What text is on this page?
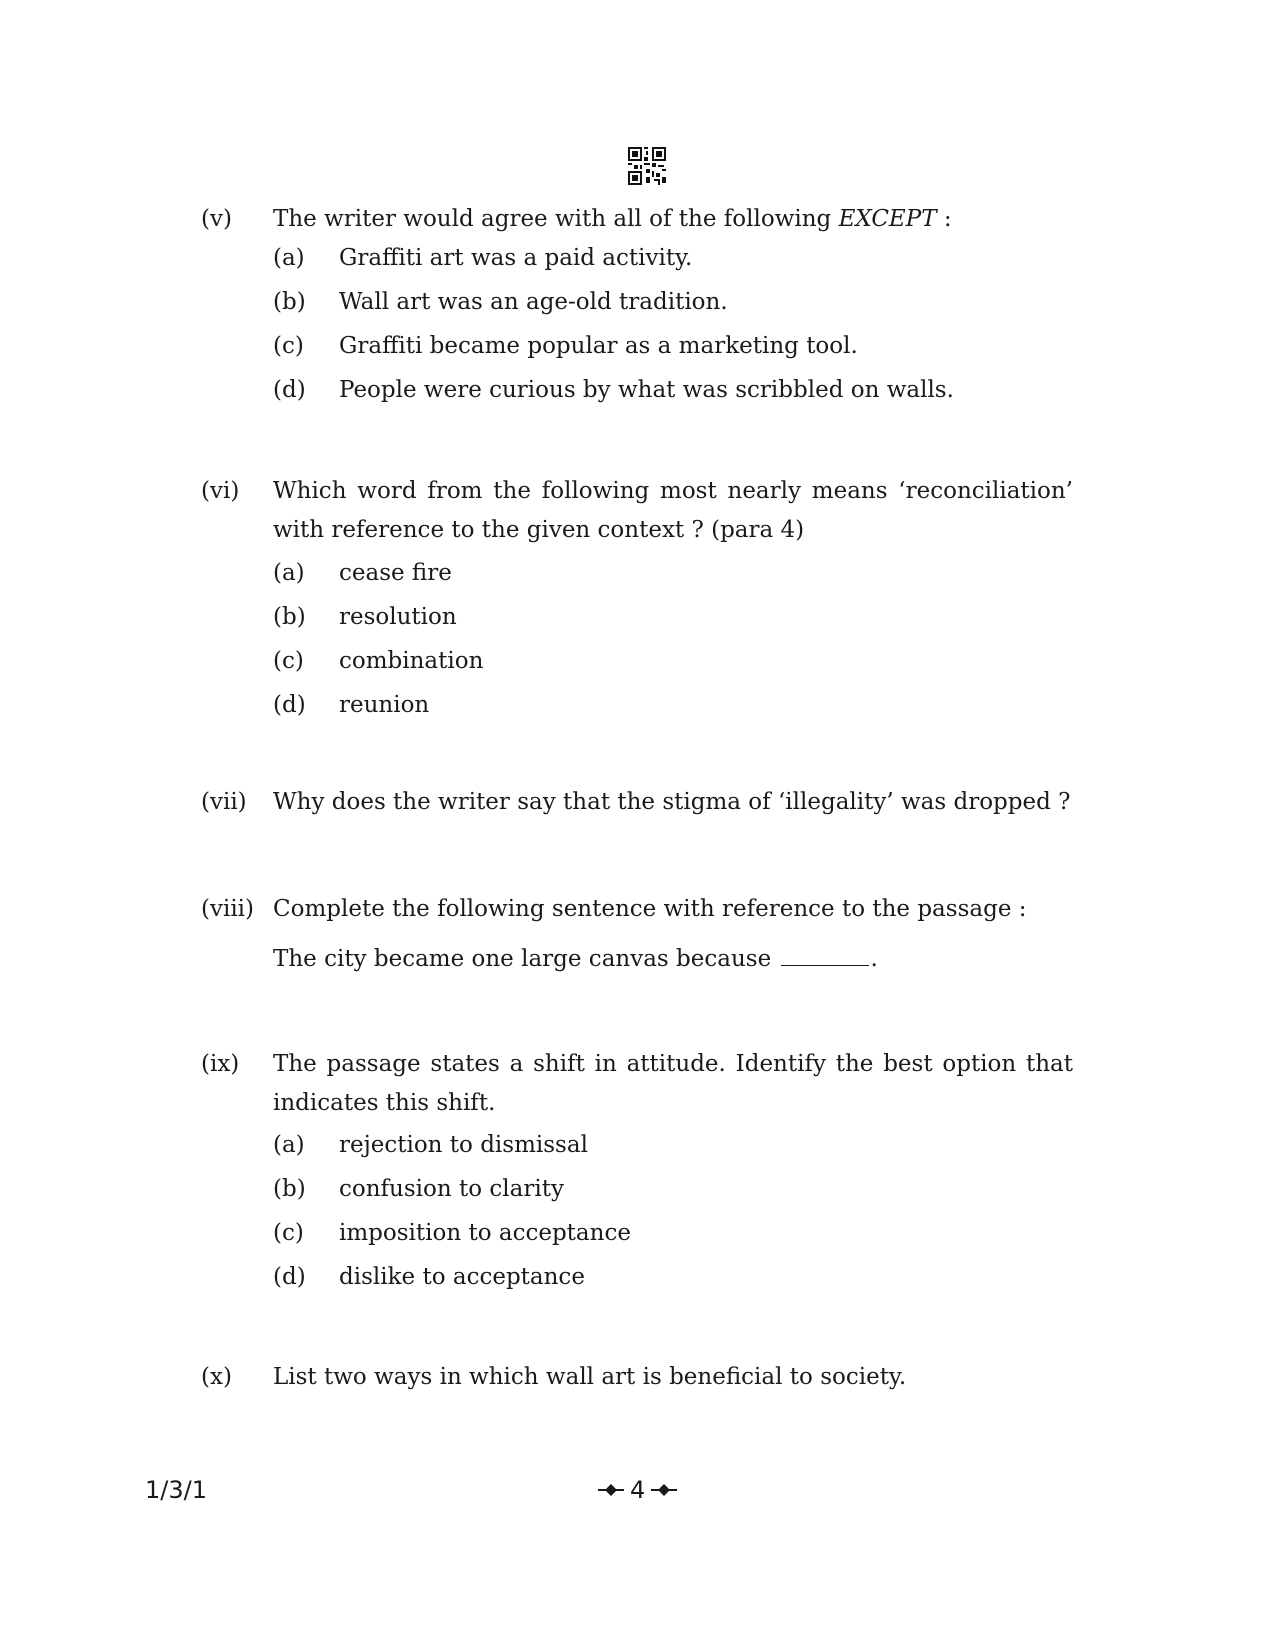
(v) The writer would agree with all of the following EXCEPT :
(a) Graffiti art was a paid activity.
(b) Wall art was an age-old tradition.
(c) Graffiti became popular as a marketing tool.
(d) People were curious by what was scribbled on walls.
(vi) Which word from the following most nearly means ‘reconciliation’ with reference to the given context ? (para 4)
(a) cease fire
(b) resolution
(c) combination
(d) reunion
(vii) Why does the writer say that the stigma of ‘illegality’ was dropped ?
(viii) Complete the following sentence with reference to the passage :
The city became one large canvas because	.
(ix) The passage states a shift in attitude. Identify the best option that indicates this shift.
(a) rejection to dismissal
(b) confusion to clarity
(c) imposition to acceptance
(d) dislike to acceptance
(x) List two ways in which wall art is beneficial to society.
1/3/1	4
